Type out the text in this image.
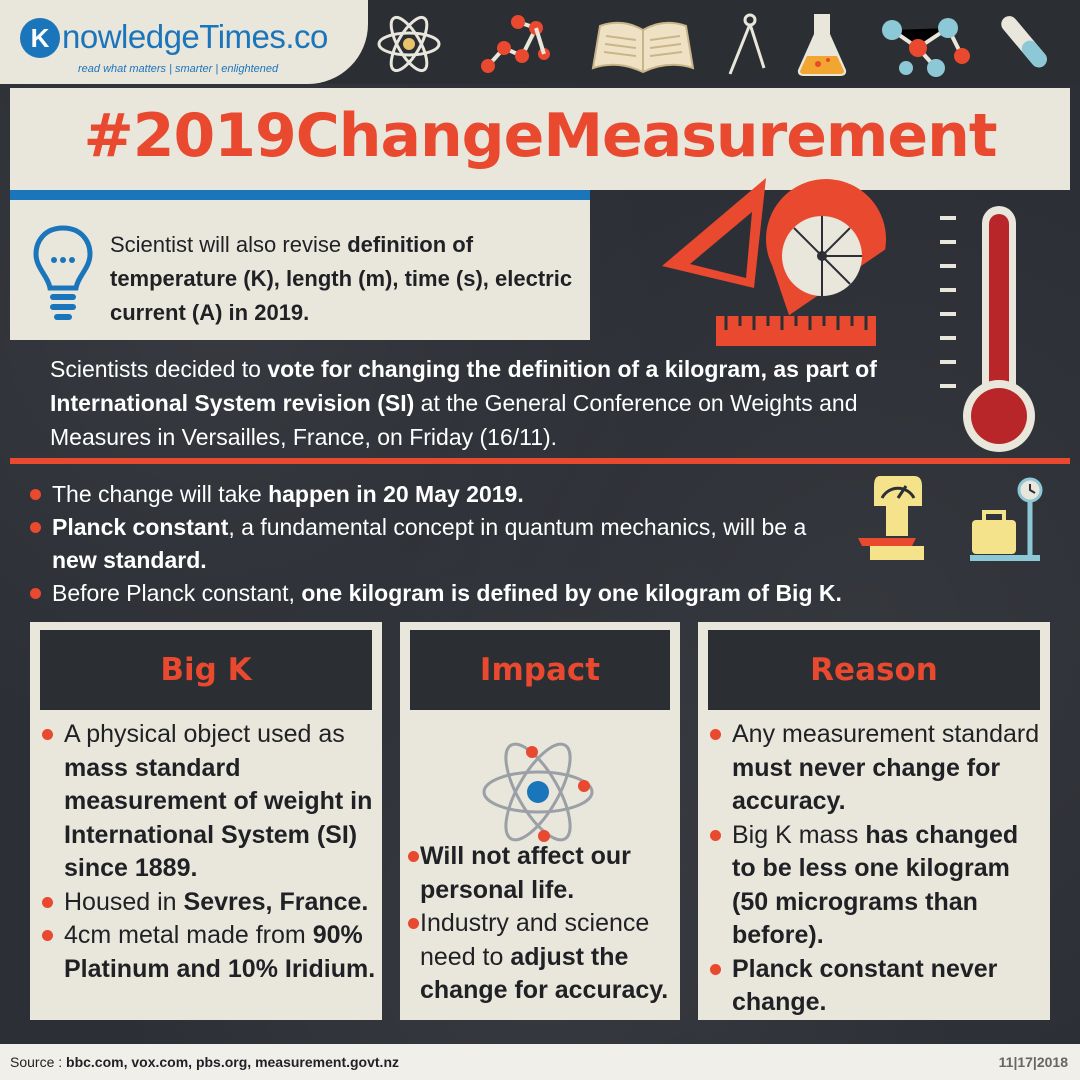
K nowledgeTimes.co
read what matters | smarter | enlightened
#2019ChangeMeasurement
Scientist will also revise definition of temperature (K), length (m), time (s), electric current (A) in 2019.
Scientists decided to vote for changing the definition of a kilogram, as part of International System revision (SI) at the General Conference on Weights and Measures in Versailles, France, on Friday (16/11).
The change will take happen in 20 May 2019.
Planck constant, a fundamental concept in quantum mechanics, will be a new standard.
Before Planck constant, one kilogram is defined by one kilogram of Big K.
Big K
A physical object used as mass standard measurement of weight in International System (SI) since 1889.
Housed in Sevres, France.
4cm metal made from 90% Platinum and 10% Iridium.
Impact
Will not affect our personal life.
Industry and science need to adjust the change for accuracy.
Reason
Any measurement standard must never change for accuracy.
Big K mass has changed to be less one kilogram (50 micrograms than before).
Planck constant never change.
Source : bbc.com, vox.com, pbs.org, measurement.govt.nz	11|17|2018
